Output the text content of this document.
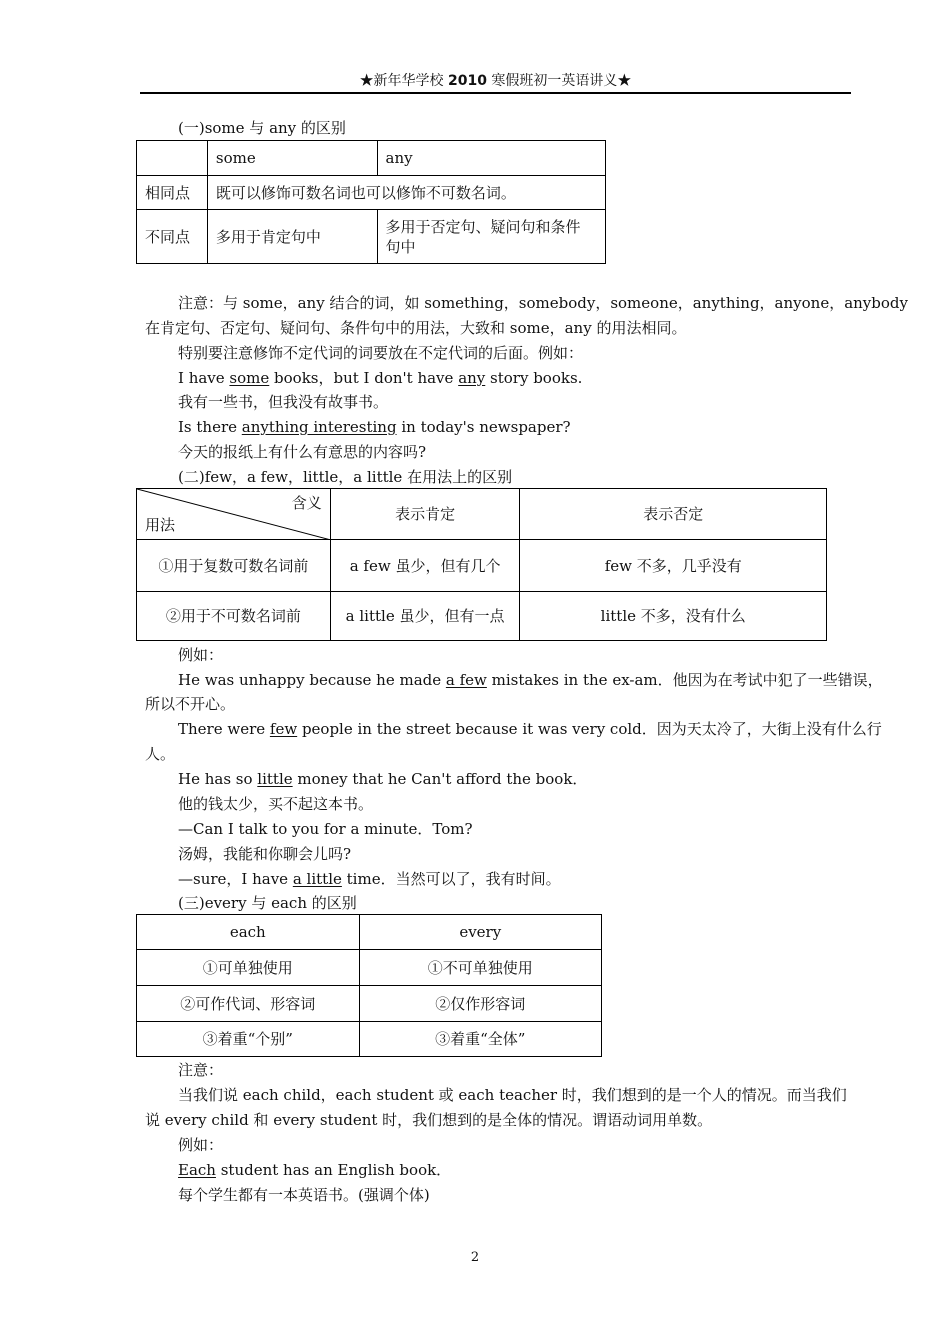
★新年华学校 2010 寒假班初一英语讲义★
(一)some 与 any 的区别
	some	any
相同点	既可以修饰可数名词也可以修饰不可数名词。	
不同点	多用于肯定句中	多用于否定句、疑问句和条件
句中
注意：与 some，any 结合的词，如 something，somebody，someone，anything，anyone，anybody
在肯定句、否定句、疑问句、条件句中的用法，大致和 some，any 的用法相同。
特别要注意修饰不定代词的词要放在不定代词的后面。例如：
I have some books，but I don't have any story books.
我有一些书，但我没有故事书。
Is there anything interesting in today's newspaper?
今天的报纸上有什么有意思的内容吗?
(二)few，a few，little，a little 在用法上的区别
含义
用法	表示肯定	表示否定
①用于复数可数名词前	a few 虽少，但有几个	few 不多，几乎没有
②用于不可数名词前	a little 虽少，但有一点	little 不多，没有什么
例如：
He was unhappy because he made a few mistakes in the ex-am．他因为在考试中犯了一些错误，
所以不开心。
There were few people in the street because it was very cold．因为天太冷了，大街上没有什么行
人。
He has so little money that he Can't afford the book．
他的钱太少，买不起这本书。
—Can I talk to you for a minute．Tom?
汤姆，我能和你聊会儿吗?
—sure，I have a little time．当然可以了，我有时间。
(三)every 与 each 的区别
each	every
①可单独使用	①不可单独使用
②可作代词、形容词	②仅作形容词
③着重“个别”	③着重“全体”
注意：
当我们说 each child，each student 或 each teacher 时，我们想到的是一个人的情况。而当我们
说 every child 和 every student 时，我们想到的是全体的情况。谓语动词用单数。
例如：
Each student has an English book．
每个学生都有一本英语书。(强调个体)
2
